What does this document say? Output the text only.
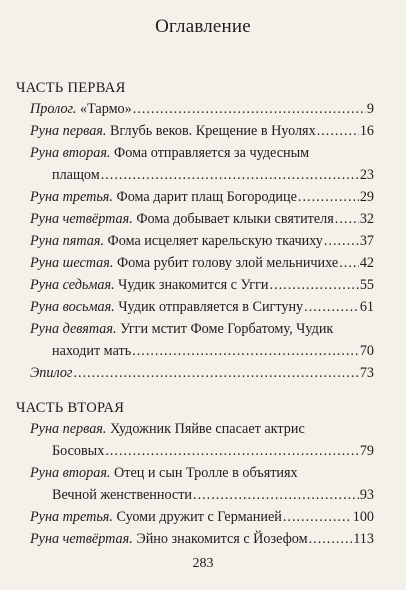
Оглавление
ЧАСТЬ ПЕРВАЯ
Пролог. «Тармо» .....	9
Руна первая. Вглубь веков. Крещение в Нуолях .....	16
Руна вторая. Фома отправляется за чудесным
плащом .....	23
Руна третья. Фома дарит плащ Богородице .....	29
Руна четвёртая. Фома добывает клыки святителя ..... 32
Руна пятая. Фома исцеляет карельскую ткачиху .....	37
Руна шестая. Фома рубит голову злой мельничихе ..... 42
Руна седьмая. Чудик знакомится с Угги .....	55
Руна восьмая. Чудик отправляется в Сигтуну .....	61
Руна девятая. Угги мстит Фоме Горбатому, Чудик
находит мать .....	70
Эпилог .....	73
ЧАСТЬ ВТОРАЯ
Руна первая. Художник Пяйве спасает актрис
Босовых .....	79
Руна вторая. Отец и сын Тролле в объятиях
Вечной женственности .....	93
Руна третья. Суоми дружит с Германией .....	100
Руна четвёртая. Эйно знакомится с Йозефом .....	113
283
